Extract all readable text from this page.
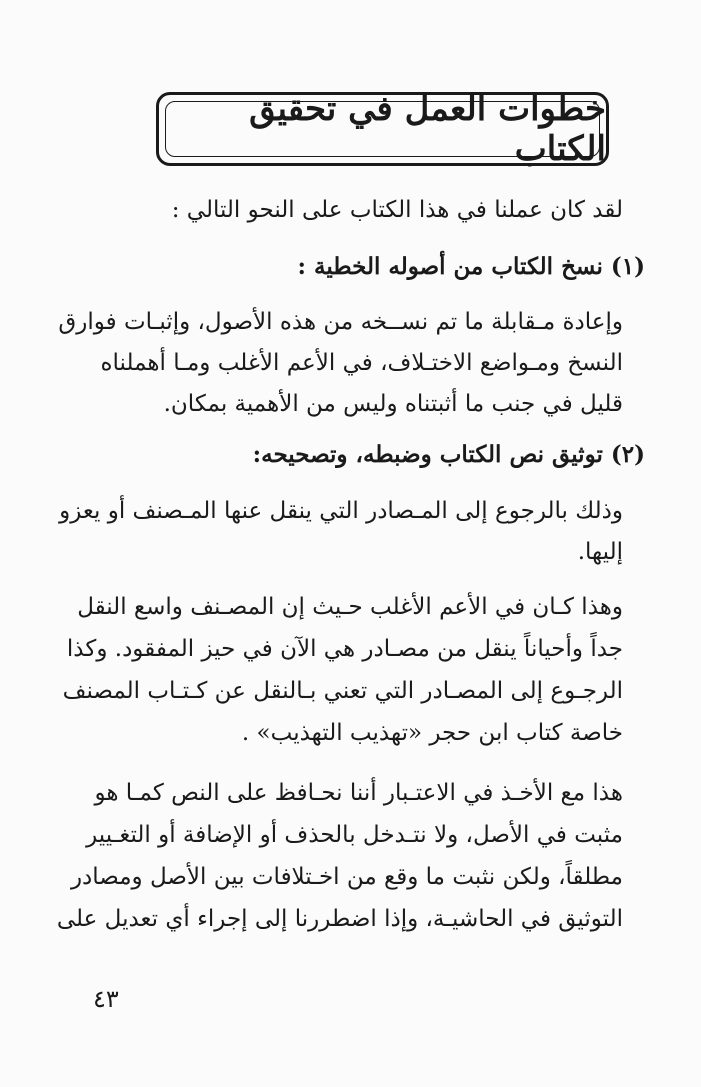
خطوات العمل في تحقيق الكتاب
لقد كان عملنا في هذا الكتاب على النحو التالي :
(١) نسخ الكتاب من أصوله الخطية :
وإعادة مـقابلة ما تم نســخه من هذه الأصول، وإثبـات فوارق
النسخ ومـواضع الاختـلاف، في الأعم الأغلب ومـا أهملناه
قليل في جنب ما أثبتناه وليس من الأهمية بمكان.
(٢) توثيق نص الكتاب وضبطه، وتصحيحه:
وذلك بالرجوع إلى المـصادر التي ينقل عنها المـصنف أو يعزو
إليها.
وهذا كـان في الأعم الأغلب حـيث إن المصـنف واسع النقل
جداً وأحياناً ينقل من مصـادر هي الآن في حيز المفقود. وكذا
الرجـوع إلى المصـادر التي تعني بـالنقل عن كـتـاب المصنف
خاصة كتاب ابن حجر «تهذيب التهذيب» .
هذا مع الأخـذ في الاعتـبار أننا نحـافظ على النص كمـا هو
مثبت في الأصل، ولا نتـدخل بالحذف أو الإضافة أو التغـيير
مطلقاً، ولكن نثبت ما وقع من اخـتلافات بين الأصل ومصادر
التوثيق في الحاشيـة، وإذا اضطررنا إلى إجراء أي تعديل على
٤٣
